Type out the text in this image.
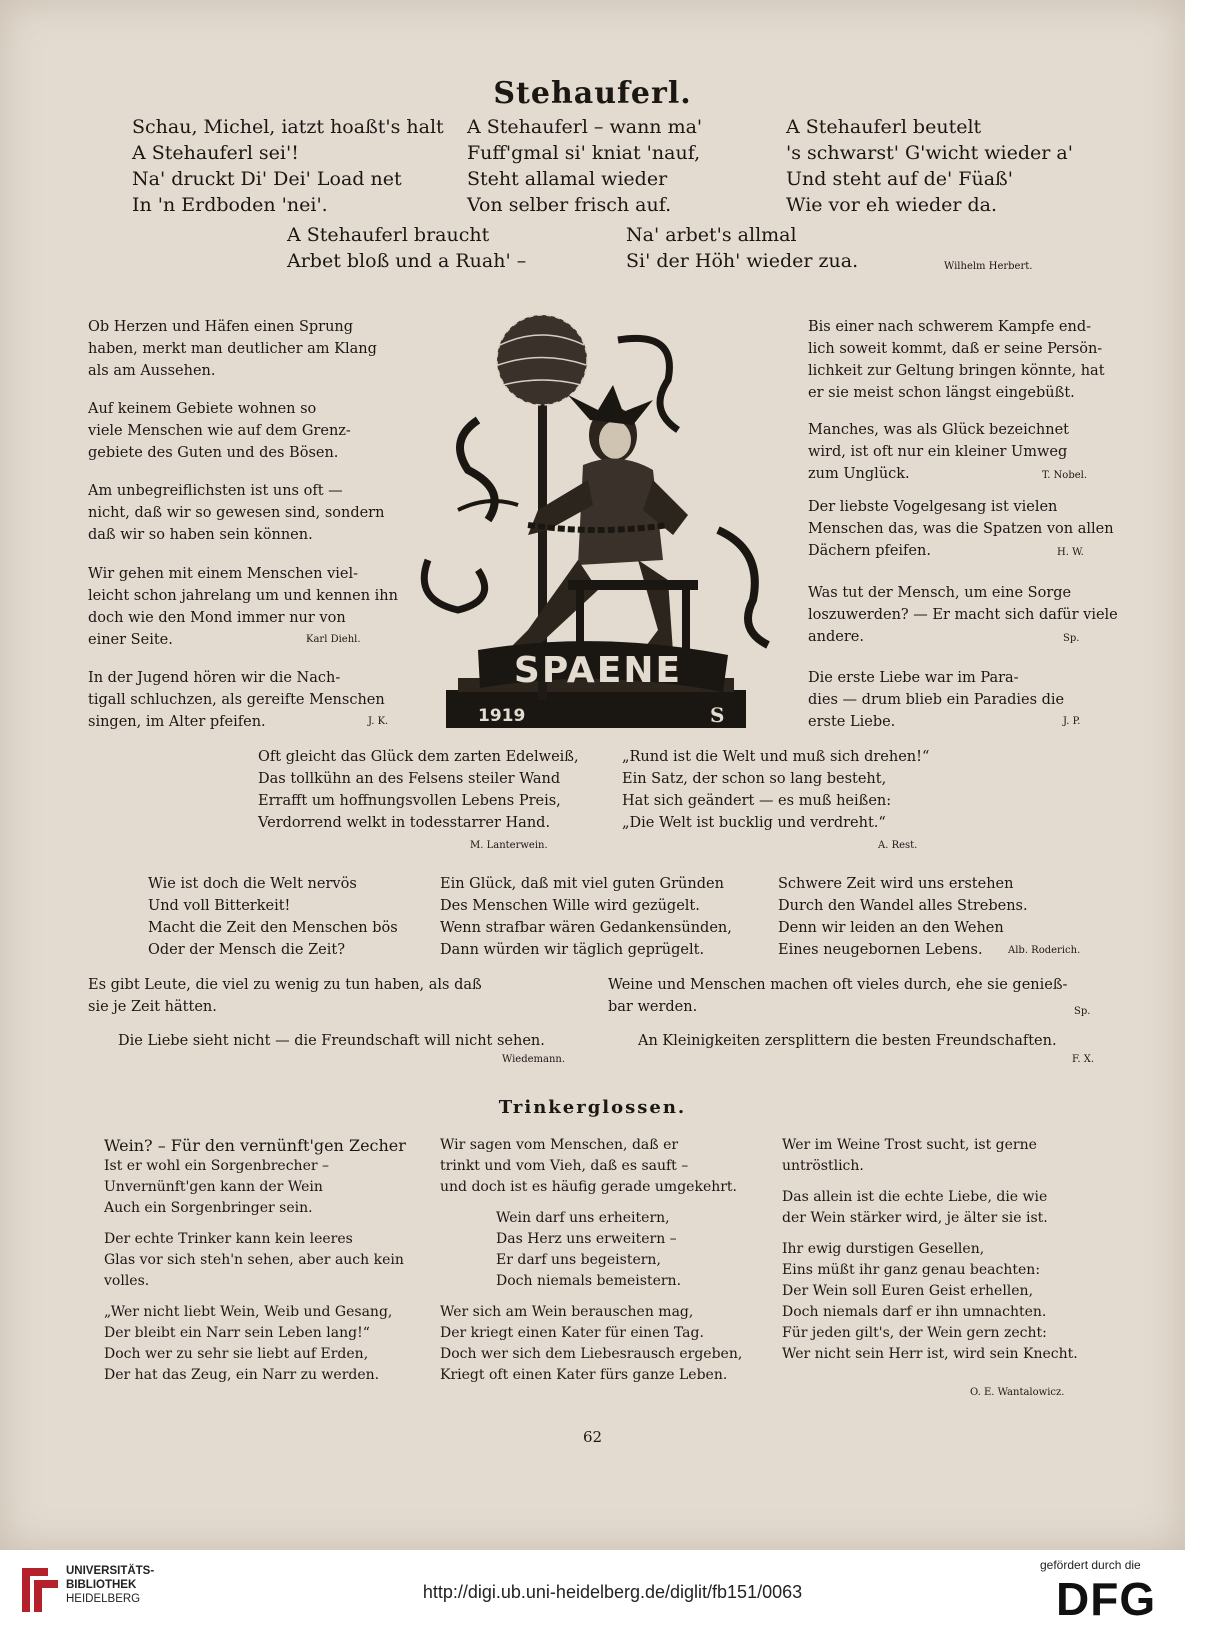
Stehauferl.
Schau, Michel, iatzt hoaßt's halt
A Stehauferl sei'!
Na' druckt Di' Dei' Load net
In 'n Erdboden 'nei'.
A Stehauferl – wann ma'
Fuff'gmal si' kniat 'nauf,
Steht allamal wieder
Von selber frisch auf.
A Stehauferl beutelt
's schwarst' G'wicht wieder a'
Und steht auf de' Füaß'
Wie vor eh wieder da.
A Stehauferl braucht
Arbet bloß und a Ruah' –
Na' arbet's allmal
Si' der Höh' wieder zua.	Wilhelm Herbert.
Ob Herzen und Häfen einen Sprung
haben, merkt man deutlicher am Klang
als am Aussehen.
Auf keinem Gebiete wohnen so
viele Menschen wie auf dem Grenz-
gebiete des Guten und des Bösen.
Am unbegreiflichsten ist uns oft —
nicht, daß wir so gewesen sind, sondern
daß wir so haben sein können.
Wir gehen mit einem Menschen viel-
leicht schon jahrelang um und kennen ihn
doch wie den Mond immer nur von
einer Seite.	Karl Diehl.
In der Jugend hören wir die Nach-
tigall schluchzen, als gereifte Menschen
singen, im Alter pfeifen.	J. K.
SPAENE
1919	S
Bis einer nach schwerem Kampfe end-
lich soweit kommt, daß er seine Persön-
lichkeit zur Geltung bringen könnte, hat
er sie meist schon längst eingebüßt.
Manches, was als Glück bezeichnet
wird, ist oft nur ein kleiner Umweg
zum Unglück.	T. Nobel.
Der liebste Vogelgesang ist vielen
Menschen das, was die Spatzen von allen
Dächern pfeifen.	H. W.
Was tut der Mensch, um eine Sorge
loszuwerden? — Er macht sich dafür viele
andere.	Sp.
Die erste Liebe war im Para-
dies — drum blieb ein Paradies die
erste Liebe.	J. P.
Oft gleicht das Glück dem zarten Edelweiß,
Das tollkühn an des Felsens steiler Wand
Errafft um hoffnungsvollen Lebens Preis,
Verdorrend welkt in todesstarrer Hand.
M. Lanterwein.
„Rund ist die Welt und muß sich drehen!“
Ein Satz, der schon so lang besteht,
Hat sich geändert — es muß heißen:
„Die Welt ist bucklig und verdreht.“
A. Rest.
Wie ist doch die Welt nervös
Und voll Bitterkeit!
Macht die Zeit den Menschen bös
Oder der Mensch die Zeit?
Ein Glück, daß mit viel guten Gründen
Des Menschen Wille wird gezügelt.
Wenn strafbar wären Gedankensünden,
Dann würden wir täglich geprügelt.
Schwere Zeit wird uns erstehen
Durch den Wandel alles Strebens.
Denn wir leiden an den Wehen
Eines neugebornen Lebens.	Alb. Roderich.
Es gibt Leute, die viel zu wenig zu tun haben, als daß
sie je Zeit hätten.
Weine und Menschen machen oft vieles durch, ehe sie genieß-
bar werden.	Sp.
Die Liebe sieht nicht — die Freundschaft will nicht sehen.
Wiedemann.
An Kleinigkeiten zersplittern die besten Freundschaften.
F. X.
Trinkerglossen.
Wein? – Für den vernünft'gen Zecher
Ist er wohl ein Sorgenbrecher –
Unvernünft'gen kann der Wein
Auch ein Sorgenbringer sein.
Der echte Trinker kann kein leeres
Glas vor sich steh'n sehen, aber auch kein
volles.
„Wer nicht liebt Wein, Weib und Gesang,
Der bleibt ein Narr sein Leben lang!“
Doch wer zu sehr sie liebt auf Erden,
Der hat das Zeug, ein Narr zu werden.
Wir sagen vom Menschen, daß er
trinkt und vom Vieh, daß es sauft –
und doch ist es häufig gerade umgekehrt.
Wein darf uns erheitern,
Das Herz uns erweitern –
Er darf uns begeistern,
Doch niemals bemeistern.
Wer sich am Wein berauschen mag,
Der kriegt einen Kater für einen Tag.
Doch wer sich dem Liebesrausch ergeben,
Kriegt oft einen Kater fürs ganze Leben.
Wer im Weine Trost sucht, ist gerne
untröstlich.
Das allein ist die echte Liebe, die wie
der Wein stärker wird, je älter sie ist.
Ihr ewig durstigen Gesellen,
Eins müßt ihr ganz genau beachten:
Der Wein soll Euren Geist erhellen,
Doch niemals darf er ihn umnachten.
Für jeden gilt's, der Wein gern zecht:
Wer nicht sein Herr ist, wird sein Knecht.
O. E. Wantalowicz.
62
UNIVERSITÄTS-
BIBLIOTHEK
HEIDELBERG	http://digi.ub.uni-heidelberg.de/diglit/fb151/0063
gefördert durch die
DFG
